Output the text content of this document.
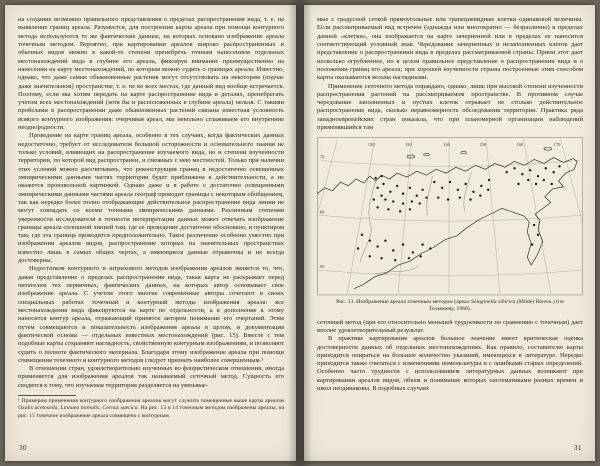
на создание возможно правильного представления о пределах распространения вида, т. е. на выявление границ ареала. Разумеется, для построения карты ареала при помощи контурного метода используются те же фактические данные, на которых основано изображение ареала точечным методом. Вероятно, при картировании ареалов широко распространенных и обычных видов можно в какой-то степени пренебречь точным нанесением отдельных местонахождений вида в глубине его ареала, фиксируя внимание преимущественно на нанесении на карту местонахождений, по которым можно судить о границах ареала. Известно, однако, что даже самые обыкновенные растения могут отсутствовать на некотором (подчас даже значительном) пространстве, т. е. не во всех местах, где данный вид вообще встречается. Поэтому, если мы хотим передать на карте распространение вида в деталях, пренебрегать учетом всех местонахождений (хотя бы и расположенных в глубине ареала) нельзя. С такими пробелами в распространении даже обыкновенных растений связана известная условность всякого контурного изображения: очерчивая ареал, мы невольно сглаживаем его внутренние неоднородности.

Проведение на карте границ ареала, особенно в тех случаях, когда фактических данных недостаточно, требует от исследователя большой осторожности и основательного знания не только условий, влияющих на распространение изучаемого вида, но и степени изученности территории, по которой вид распространен, и смежных с нею местностей. Только при наличии этих условий можно рассчитывать, что реконструкция границ в недостаточно освещенных эмпирическими данными частях территории будет приближена к действительности, а не окажется произвольной картинкой. Однако даже и в работе с достаточно освещенными эмпирическими данными частями ареала географ проводит границы с некоторым обобщением, так как нередко более полно отображающие действительное распространение вида линии не могут совпадать со всеми точными эмпирическими данными. Различным степеням уверенности исследователя в точности интерпретации данных может отвечать изображение границы ареала сплошной линией там, где ее проведение достаточно обосновано, и пунктиром там, где эта граница проводится предположительно. Такое различение особенно уместно при изображении ареалов видов, распространение которых на значительных пространствах известно лишь в самых общих чертах, а имеющиеся данные отрывочны и не всегда достоверны.

Недостатком контурного и штрихового методов изображения ареалов является то, что, давая представление о пределах распространения вида, такая карта не раскрывает перед читателем тех первичных, фактических данных, на которых автор основывает свое изображение ареала. С учетом этого многие современные авторы сочетают в своих специальных работах точечный и контурный методы изображения ареала: все местонахождения вида фиксируются на карте по отдельности, а в дополнение к этому наносится контур ареала, отражающий принятое автором понимание его очертаний. Этим путем совмещаются и показательность изображения ареала в целом, и документация фактической основы — отдельных известных местонахождений (рис. 15). Вместе с тем подобные карты сохраняют наглядность, свойственную контурным изображениям, и позволяют судить о полноте фактического материала. Благодаря этому изображение ареала при помощи совмещения точечного и контурного методов следует признать наиболее совершенным.¹

В отношении стран, удовлетворительно изученных во флористическом отношении, иногда применяется для изображения ареалов так называемый сеточный метод. Сущность его сводится к тому, что изучаемая территория разделяется на увязывае-

¹ Примером применения контурного изображения ареалов могут служить помещенные выше карты ареалов Oxalis acetosella, Linnaea borealis, Cornus suecica. На рис. 13 и 14 точечным методом изображены ареалы; на рис. 15 точечное изображение ареала совмещено с контурным.

30

мые с градусной сеткой прямоугольные или трапециевидные клетки одинаковой величины. Если рассматриваемый вид встречен (однажды или многократно — безразлично) в пределах данной «клетки», она изображается на карте зачерненной или в пределах ее наносится соответствующий условный знак. Чередование зачерненных и незаполненных клеток дает представление о распространении вида в пределах рассматриваемой страны. Прием этот дает несколько огрубленное, но в целом правильное представление о распространении вида и о положении границ его ареала; при хорошей изученности страны построенные этим способом карты оказываются весьма наглядными.

Применение сеточного метода оправдано, однако, лишь при высокой степени изученности распространения растений на рассматриваемом пространстве. В противном случае чередование заполненных и пустых клеток отражает не столько действительное распространение вида, сколько неравномерность обследования территории. Практика ряда западноевропейских стран показала, что при планомерной организации наблюдений применявшийся там

120	130	140	150	160	170
70
60
50
Рис. 13. Изображение ареала точечным методом (ареал Selaginella sibirica (Milde) Hieron.) (по Толмачеву, 1960).

сеточный метод (при его относительно меньшей трудоемкости по сравнению с точечным) дает вполне удовлетворительный результат.

В практике картирования ареалов большое значение имеет критическая оценка достоверности данных об отдельных местонахождениях. Как правило, составителю карты приходится опираться на большое количество указаний, имеющихся в литературе. Нередко приходится также считаться с изменениями номенклатуры и с ошибками старых определений. Особенно часто трудности с использованием литературных данных возникают при картировании ареалов видов, объем и понимание которых систематиками разных времен и школ неодинаковы. В подобных случаях

31
